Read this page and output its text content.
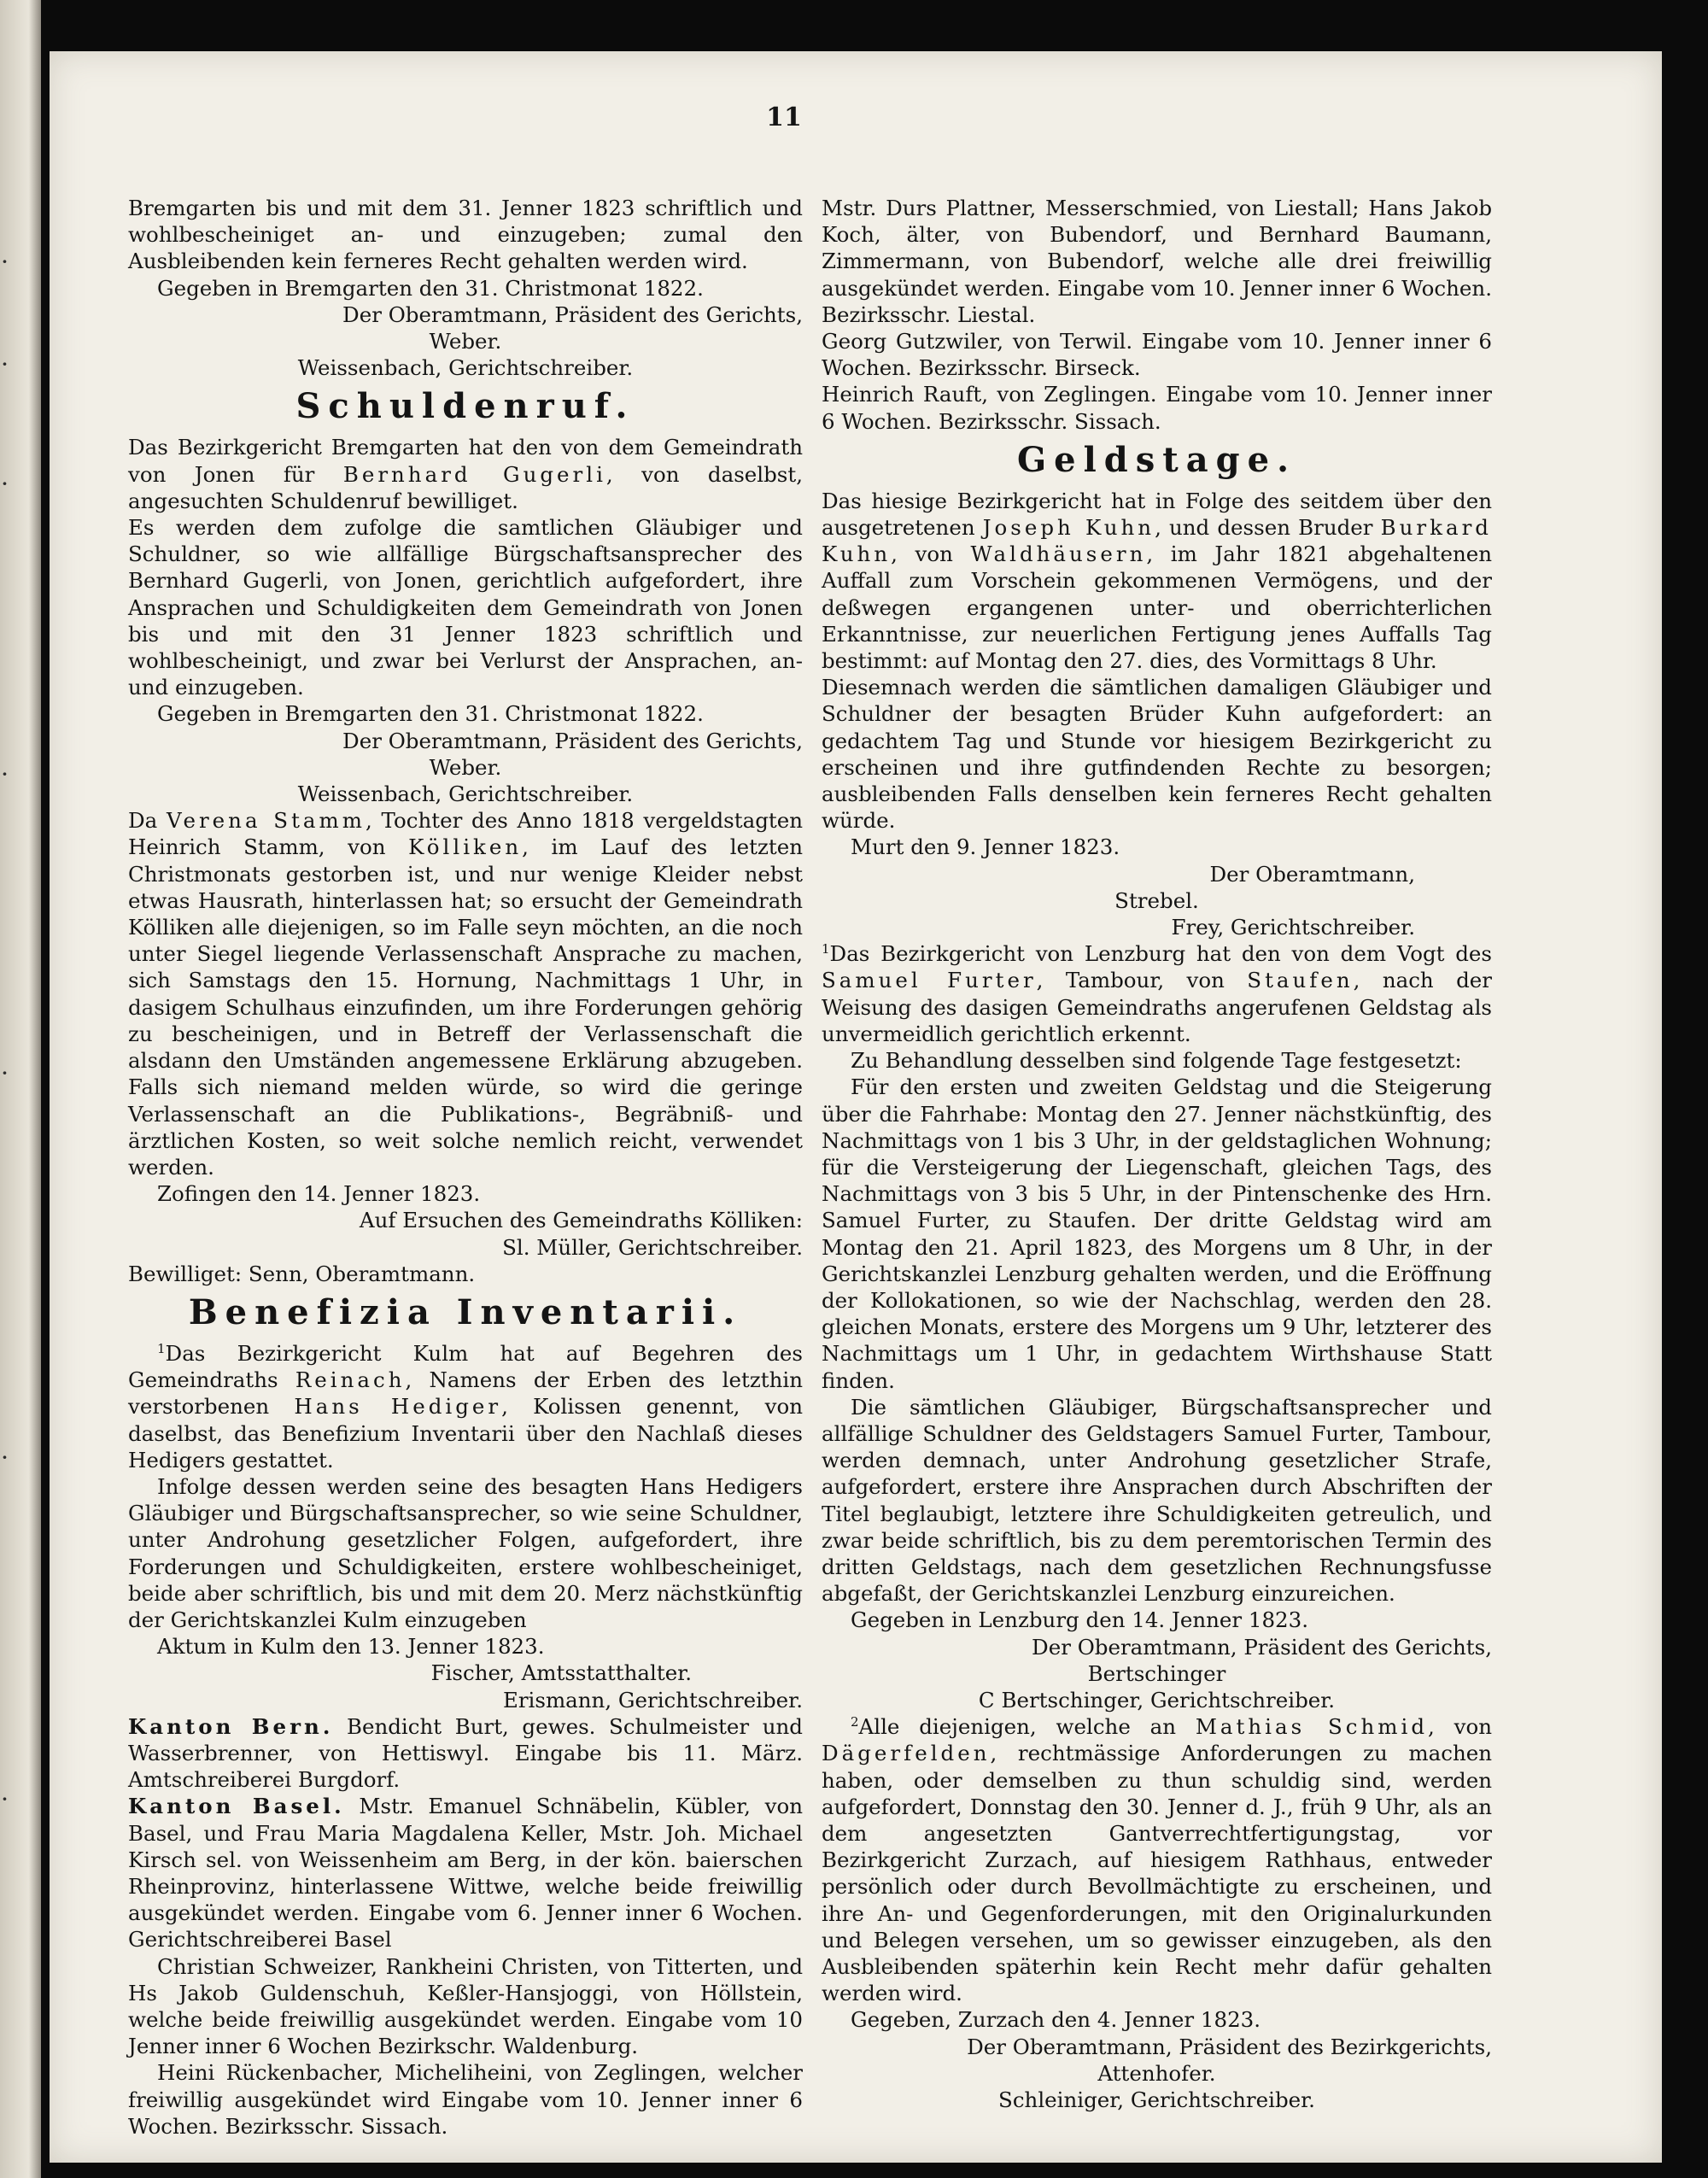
·
·
·
·
·
·
·
11

Bremgarten bis und mit dem 31. Jenner 1823 schriftlich und wohlbescheiniget an- und einzugeben; zumal den Ausbleibenden kein ferneres Recht gehalten werden wird.

Gegeben in Bremgarten den 31. Christmonat 1822.

Der Oberamtmann, Präsident des Gerichts,

Weber.

Weissenbach, Gerichtschreiber.

Schuldenruf.

Das Bezirkgericht Bremgarten hat den von dem Gemeindrath von Jonen für Bernhard Gugerli, von daselbst, angesuchten Schuldenruf bewilliget.

Es werden dem zufolge die samtlichen Gläubiger und Schuldner, so wie allfällige Bürgschaftsansprecher des Bernhard Gugerli, von Jonen, gerichtlich aufgefordert, ihre Ansprachen und Schuldigkeiten dem Gemeindrath von Jonen bis und mit den 31 Jenner 1823 schriftlich und wohlbescheinigt, und zwar bei Verlurst der Ansprachen, an- und einzugeben.

Gegeben in Bremgarten den 31. Christmonat 1822.

Der Oberamtmann, Präsident des Gerichts,

Weber.

Weissenbach, Gerichtschreiber.

Da Verena Stamm, Tochter des Anno 1818 vergeldstagten Heinrich Stamm, von Kölliken, im Lauf des letzten Christmonats gestorben ist, und nur wenige Kleider nebst etwas Hausrath, hinterlassen hat; so ersucht der Gemeindrath Kölliken alle diejenigen, so im Falle seyn möchten, an die noch unter Siegel liegende Verlassenschaft Ansprache zu machen, sich Samstags den 15. Hornung, Nachmittags 1 Uhr, in dasigem Schulhaus einzufinden, um ihre Forderungen gehörig zu bescheinigen, und in Betreff der Verlassenschaft die alsdann den Umständen angemessene Erklärung abzugeben. Falls sich niemand melden würde, so wird die geringe Verlassenschaft an die Publikations-, Begräbniß- und ärztlichen Kosten, so weit solche nemlich reicht, verwendet werden.

Zofingen den 14. Jenner 1823.

Auf Ersuchen des Gemeindraths Kölliken:

Sl. Müller, Gerichtschreiber.

Bewilliget: Senn, Oberamtmann.

Benefizia Inventarii.

$^1$Das Bezirkgericht Kulm hat auf Begehren des Gemeindraths Reinach, Namens der Erben des letzthin verstorbenen Hans Hediger, Kolissen genennt, von daselbst, das Benefizium Inventarii über den Nachlaß dieses Hedigers gestattet.

Infolge dessen werden seine des besagten Hans Hedigers Gläubiger und Bürgschaftsansprecher, so wie seine Schuldner, unter Androhung gesetzlicher Folgen, aufgefordert, ihre Forderungen und Schuldigkeiten, erstere wohlbescheiniget, beide aber schriftlich, bis und mit dem 20. Merz nächstkünftig der Gerichtskanzlei Kulm einzugeben

Aktum in Kulm den 13. Jenner 1823.

Fischer, Amtsstatthalter.

Erismann, Gerichtschreiber.

Kanton Bern. Bendicht Burt, gewes. Schulmeister und Wasserbrenner, von Hettiswyl. Eingabe bis 11. März. Amtschreiberei Burgdorf.

Kanton Basel. Mstr. Emanuel Schnäbelin, Kübler, von Basel, und Frau Maria Magdalena Keller, Mstr. Joh. Michael Kirsch sel. von Weissenheim am Berg, in der kön. baierschen Rheinprovinz, hinterlassene Wittwe, welche beide freiwillig ausgekündet werden. Eingabe vom 6. Jenner inner 6 Wochen. Gerichtschreiberei Basel

Christian Schweizer, Rankheini Christen, von Titterten, und Hs Jakob Guldenschuh, Keßler-Hansjoggi, von Höllstein, welche beide freiwillig ausgekündet werden. Eingabe vom 10 Jenner inner 6 Wochen Bezirkschr. Waldenburg.

Heini Rückenbacher, Micheliheini, von Zeglingen, welcher freiwillig ausgekündet wird Eingabe vom 10. Jenner inner 6 Wochen. Bezirksschr. Sissach.

Mstr. Durs Plattner, Messerschmied, von Liestall; Hans Jakob Koch, älter, von Bubendorf, und Bernhard Baumann, Zimmermann, von Bubendorf, welche alle drei freiwillig ausgekündet werden. Eingabe vom 10. Jenner inner 6 Wochen. Bezirksschr. Liestal.

Georg Gutzwiler, von Terwil. Eingabe vom 10. Jenner inner 6 Wochen. Bezirksschr. Birseck.

Heinrich Rauft, von Zeglingen. Eingabe vom 10. Jenner inner 6 Wochen. Bezirksschr. Sissach.

Geldstage.

Das hiesige Bezirkgericht hat in Folge des seitdem über den ausgetretenen Joseph Kuhn, und dessen Bruder Burkard Kuhn, von Waldhäusern, im Jahr 1821 abgehaltenen Auffall zum Vorschein gekommenen Vermögens, und der deßwegen ergangenen unter- und oberrichterlichen Erkanntnisse, zur neuerlichen Fertigung jenes Auffalls Tag bestimmt: auf Montag den 27. dies, des Vormittags 8 Uhr.

Diesemnach werden die sämtlichen damaligen Gläubiger und Schuldner der besagten Brüder Kuhn aufgefordert: an gedachtem Tag und Stunde vor hiesigem Bezirkgericht zu erscheinen und ihre gutfindenden Rechte zu besorgen; ausbleibenden Falls denselben kein ferneres Recht gehalten würde.

Murt den 9. Jenner 1823.

Der Oberamtmann,

Strebel.

Frey, Gerichtschreiber.

$^1$Das Bezirkgericht von Lenzburg hat den von dem Vogt des Samuel Furter, Tambour, von Staufen, nach der Weisung des dasigen Gemeindraths angerufenen Geldstag als unvermeidlich gerichtlich erkennt.

Zu Behandlung desselben sind folgende Tage festgesetzt:

Für den ersten und zweiten Geldstag und die Steigerung über die Fahrhabe: Montag den 27. Jenner nächstkünftig, des Nachmittags von 1 bis 3 Uhr, in der geldstaglichen Wohnung; für die Versteigerung der Liegenschaft, gleichen Tags, des Nachmittags von 3 bis 5 Uhr, in der Pintenschenke des Hrn. Samuel Furter, zu Staufen. Der dritte Geldstag wird am Montag den 21. April 1823, des Morgens um 8 Uhr, in der Gerichtskanzlei Lenzburg gehalten werden, und die Eröffnung der Kollokationen, so wie der Nachschlag, werden den 28. gleichen Monats, erstere des Morgens um 9 Uhr, letzterer des Nachmittags um 1 Uhr, in gedachtem Wirthshause Statt finden.

Die sämtlichen Gläubiger, Bürgschaftsansprecher und allfällige Schuldner des Geldstagers Samuel Furter, Tambour, werden demnach, unter Androhung gesetzlicher Strafe, aufgefordert, erstere ihre Ansprachen durch Abschriften der Titel beglaubigt, letztere ihre Schuldigkeiten getreulich, und zwar beide schriftlich, bis zu dem peremtorischen Termin des dritten Geldstags, nach dem gesetzlichen Rechnungsfusse abgefaßt, der Gerichtskanzlei Lenzburg einzureichen.

Gegeben in Lenzburg den 14. Jenner 1823.

Der Oberamtmann, Präsident des Gerichts,

Bertschinger

C Bertschinger, Gerichtschreiber.

$^2$Alle diejenigen, welche an Mathias Schmid, von Dägerfelden, rechtmässige Anforderungen zu machen haben, oder demselben zu thun schuldig sind, werden aufgefordert, Donnstag den 30. Jenner d. J., früh 9 Uhr, als an dem angesetzten Gantverrechtfertigungstag, vor Bezirkgericht Zurzach, auf hiesigem Rathhaus, entweder persönlich oder durch Bevollmächtigte zu erscheinen, und ihre An- und Gegenforderungen, mit den Originalurkunden und Belegen versehen, um so gewisser einzugeben, als den Ausbleibenden späterhin kein Recht mehr dafür gehalten werden wird.

Gegeben, Zurzach den 4. Jenner 1823.

Der Oberamtmann, Präsident des Bezirkgerichts,

Attenhofer.

Schleiniger, Gerichtschreiber.
